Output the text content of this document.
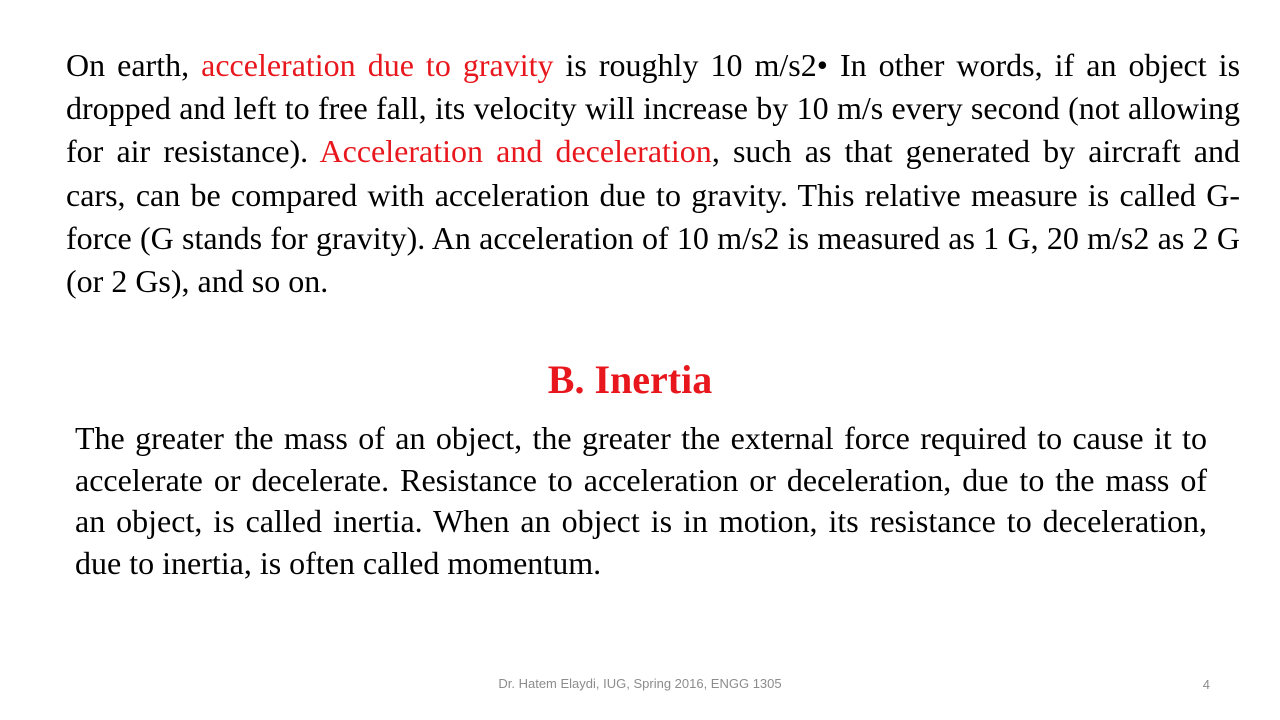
On earth, acceleration due to gravity is roughly 10 m/s2• In other words, if an object is dropped and left to free fall, its velocity will increase by 10 m/s every second (not allowing for air resistance). Acceleration and deceleration, such as that generated by aircraft and cars, can be compared with acceleration due to gravity. This relative measure is called G-force (G stands for gravity). An acceleration of 10 m/s2 is measured as 1 G, 20 m/s2 as 2 G (or 2 Gs), and so on.

B. Inertia

The greater the mass of an object, the greater the external force required to cause it to accelerate or decelerate. Resistance to acceleration or deceleration, due to the mass of an object, is called inertia. When an object is in motion, its resistance to deceleration, due to inertia, is often called momentum.

Dr. Hatem Elaydi, IUG, Spring 2016, ENGG 1305	4
